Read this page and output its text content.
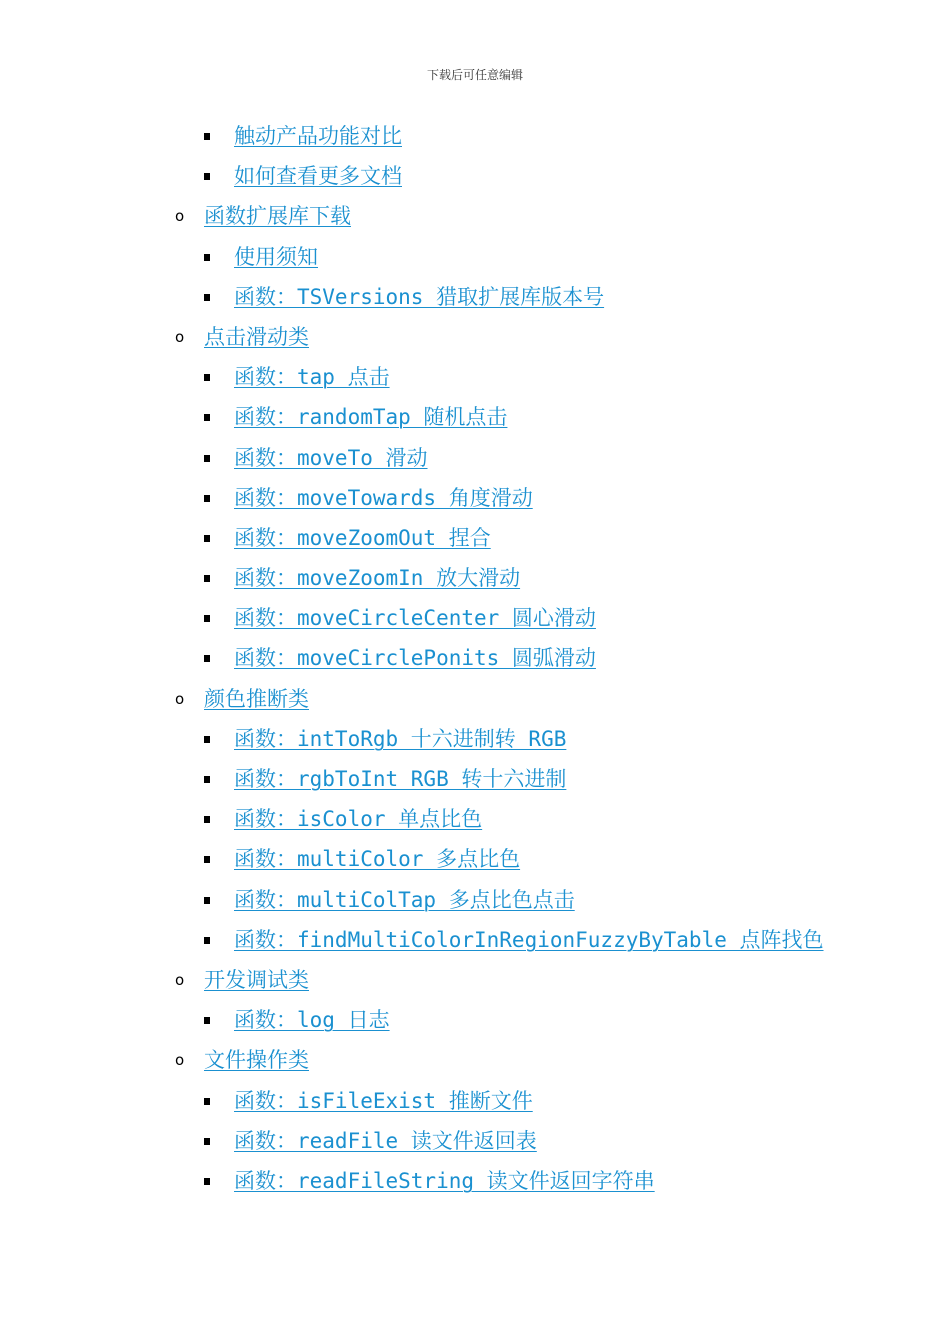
下载后可任意编辑
触动产品功能对比
如何查看更多文档
o 函数扩展库下载
使用须知
函数：TSVersions 猎取扩展库版本号
o 点击滑动类
函数：tap 点击
函数：randomTap 随机点击
函数：moveTo 滑动
函数：moveTowards 角度滑动
函数：moveZoomOut 捏合
函数：moveZoomIn 放大滑动
函数：moveCircleCenter 圆心滑动
函数：moveCirclePonits 圆弧滑动
o 颜色推断类
函数：intToRgb 十六进制转 RGB
函数：rgbToInt RGB 转十六进制
函数：isColor 单点比色
函数：multiColor 多点比色
函数：multiColTap 多点比色点击
函数：findMultiColorInRegionFuzzyByTable 点阵找色
o 开发调试类
函数：log 日志
o 文件操作类
函数：isFileExist 推断文件
函数：readFile 读文件返回表
函数：readFileString 读文件返回字符串
